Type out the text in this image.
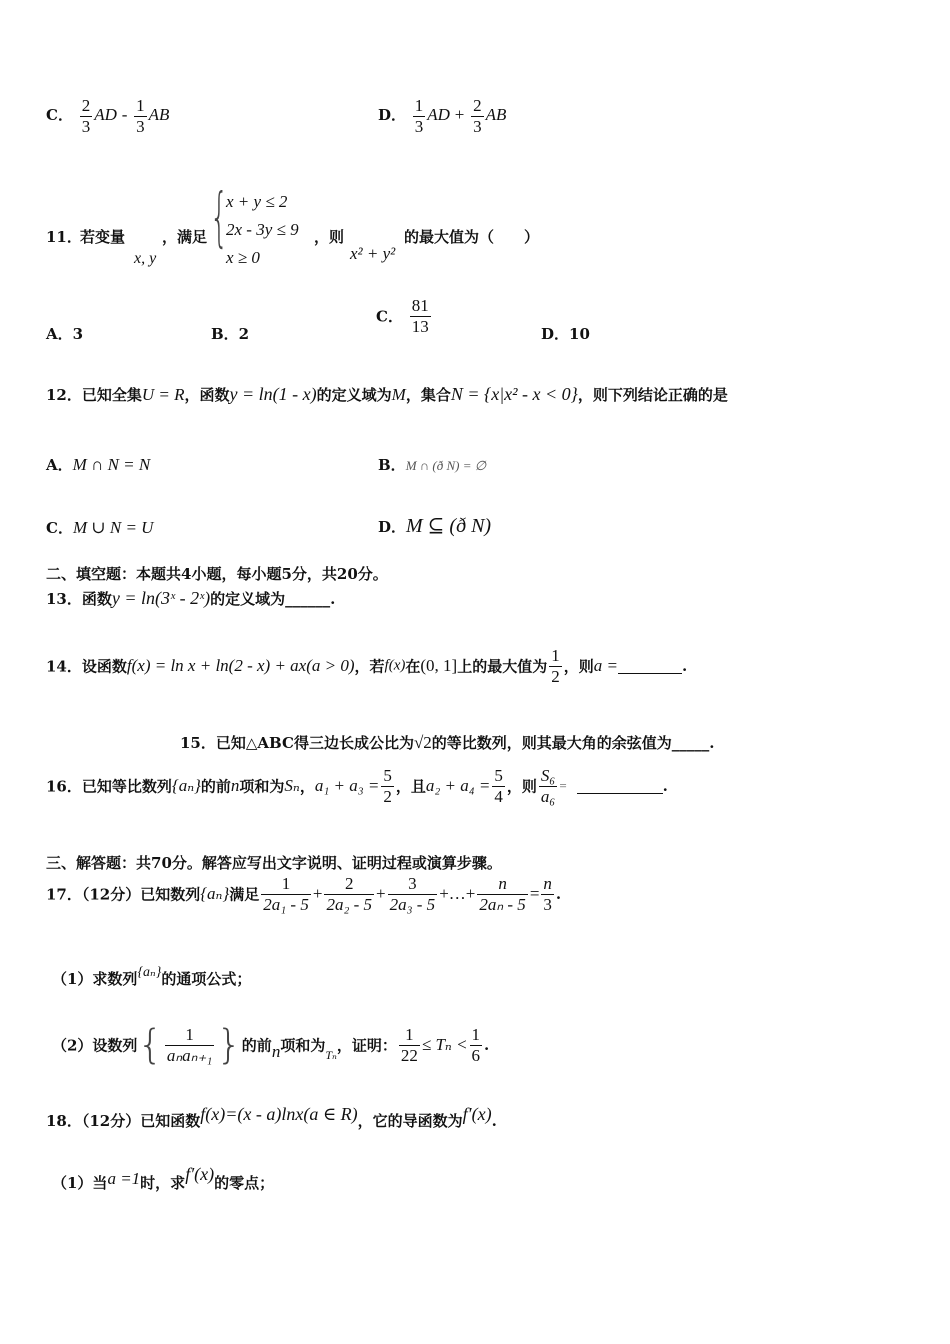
C． $\frac{2}{3}$ AD - $\frac{1}{3}$ AB	D． $\frac{1}{3}$ AD + $\frac{2}{3}$ AB
11．
若变量
x, y
，满足 {
x + y ≤ 2
2x - 3y ≤ 9
x ≥ 0
，则
x² + y²
的最大值为（　　）
A．3	B．2
C． $\frac{81}{13}$	D．10
12．已知全集U = R，函数y = ln(1 - x)的定义域为M，集合N = {x|x² - x < 0}，则下列结论正确的是
A．M ∩ N = N	B．M ∩ (ð N) = ∅
C．M ∪ N = U	D．M ⊆ (ð N)
二、填空题：本题共4小题，每小题5分，共20分。
13．函数y = ln(3ˣ - 2ˣ)的定义域为______.
14．设函数f(x) = ln x + ln(2 - x) + ax(a > 0)，若f(x)在(0, 1]上的最大值为 $\frac{1}{2}$ ，则a =	.
15．已知△ABC得三边长成公比为√2的等比数列，则其最大角的余弦值为_____.
16．已知等比数列{aₙ}的前n项和为Sₙ，$a_1 + a_3 = \frac{5}{2}$ ，且$a_2 + a_4 = \frac{5}{4}$ ，则 $\frac{\text{S₆}}{\text{a₆}}$ =	.
三、解答题：共70分。解答应写出文字说明、证明过程或演算步骤。
17．（12分）已知数列{aₙ}满足 $\frac{1}{\text{2a₁ - 5}} + \frac{2}{\text{2a₂ - 5}} + \frac{3}{\text{2a₃ - 5}}$ +…+ $\frac{n}{\text{2aₙ - 5}} = \frac{n}{3}$ .
（1）求数列{aₙ}的通项公式；
（2）设数列{ $\frac{1}{\text{aₙaₙ₊₁}}$ }的前n项和为$_{T_n}$，证明： $\frac{1}{22} \le T_n < \frac{1}{6}$ .
18．（12分）已知函数f(x)=(x - a)lnx(a ∈ R)，它的导函数为f′(x).
（1）当a =1时，求f′(x)的零点；
